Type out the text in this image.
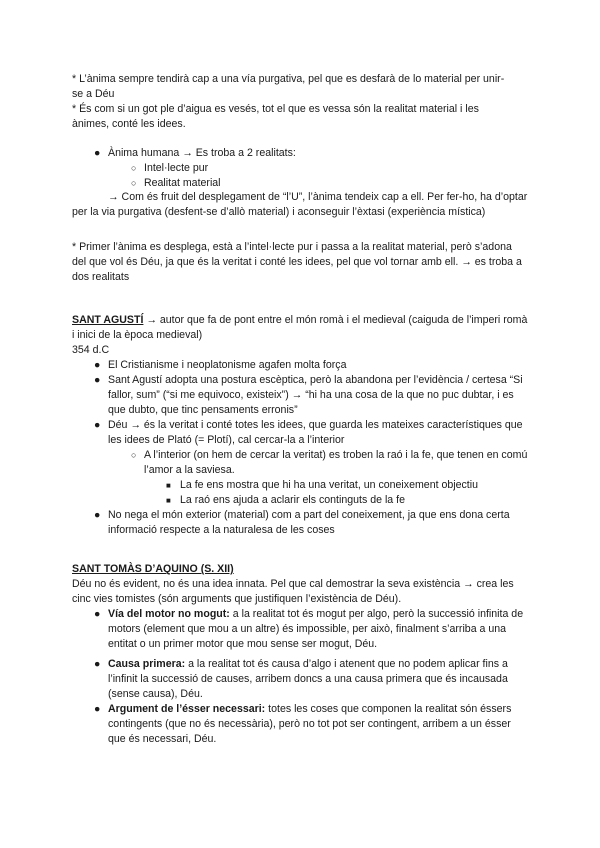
* L’ànima sempre tendirà cap a una vía purgativa, pel que es desfarà de lo material per unir-se a Déu

* És com si un got ple d’aigua es vesés, tot el que es vessa són la realitat material i les ànimes, conté les idees.

● Ànima humana → Es troba a 2 realitats:

○ Intel·lecte pur

○ Realitat material

→ Com és fruit del desplegament de “l’U”, l’ànima tendeix cap a ell. Per fer-ho, ha d’optar per la via purgativa (desfent-se d’allò material) i aconseguir l’èxtasi (experiència mística)

* Primer l’ànima es desplega, està a l’intel·lecte pur i passa a la realitat material, però s’adona del que vol és Déu, ja que és la veritat i conté les idees, pel que vol tornar amb ell. → es troba a dos realitats

SANT AGUSTÍ → autor que fa de pont entre el món romà i el medieval (caiguda de l’imperi romà i inici de la època medieval)

354 d.C

● El Cristianisme i neoplatonisme agafen molta força

● Sant Agustí adopta una postura escèptica, però la abandona per l’evidència / certesa “Si fallor, sum” (“si me equivoco, existeix”) → “hi ha una cosa de la que no puc dubtar, i es que dubto, que tinc pensaments erronis”

● Déu → és la veritat i conté totes les idees, que guarda les mateixes característiques que les idees de Plató (= Plotí), cal cercar-la a l’interior

○ A l’interior (on hem de cercar la veritat) es troben la raó i la fe, que tenen en comú l’amor a la saviesa.

■ La fe ens mostra que hi ha una veritat, un coneixement objectiu

■ La raó ens ajuda a aclarir els continguts de la fe

● No nega el món exterior (material) com a part del coneixement, ja que ens dona certa informació respecte a la naturalesa de les coses

SANT TOMÀS D’AQUINO (S. XII)

Déu no és evident, no és una idea innata. Pel que cal demostrar la seva existència → crea les cinc vies tomistes (són arguments que justifiquen l’existència de Déu).

● Vía del motor no mogut: a la realitat tot és mogut per algo, però la successió infinita de motors (element que mou a un altre) és impossible, per això, finalment s’arriba a una entitat o un primer motor que mou sense ser mogut, Déu.

● Causa primera: a la realitat tot és causa d’algo i atenent que no podem aplicar fins a l’infinit la successió de causes, arribem doncs a una causa primera que és incausada (sense causa), Déu.

● Argument de l’ésser necessari: totes les coses que componen la realitat són éssers contingents (que no és necessària), però no tot pot ser contingent, arribem a un ésser que és necessari, Déu.
